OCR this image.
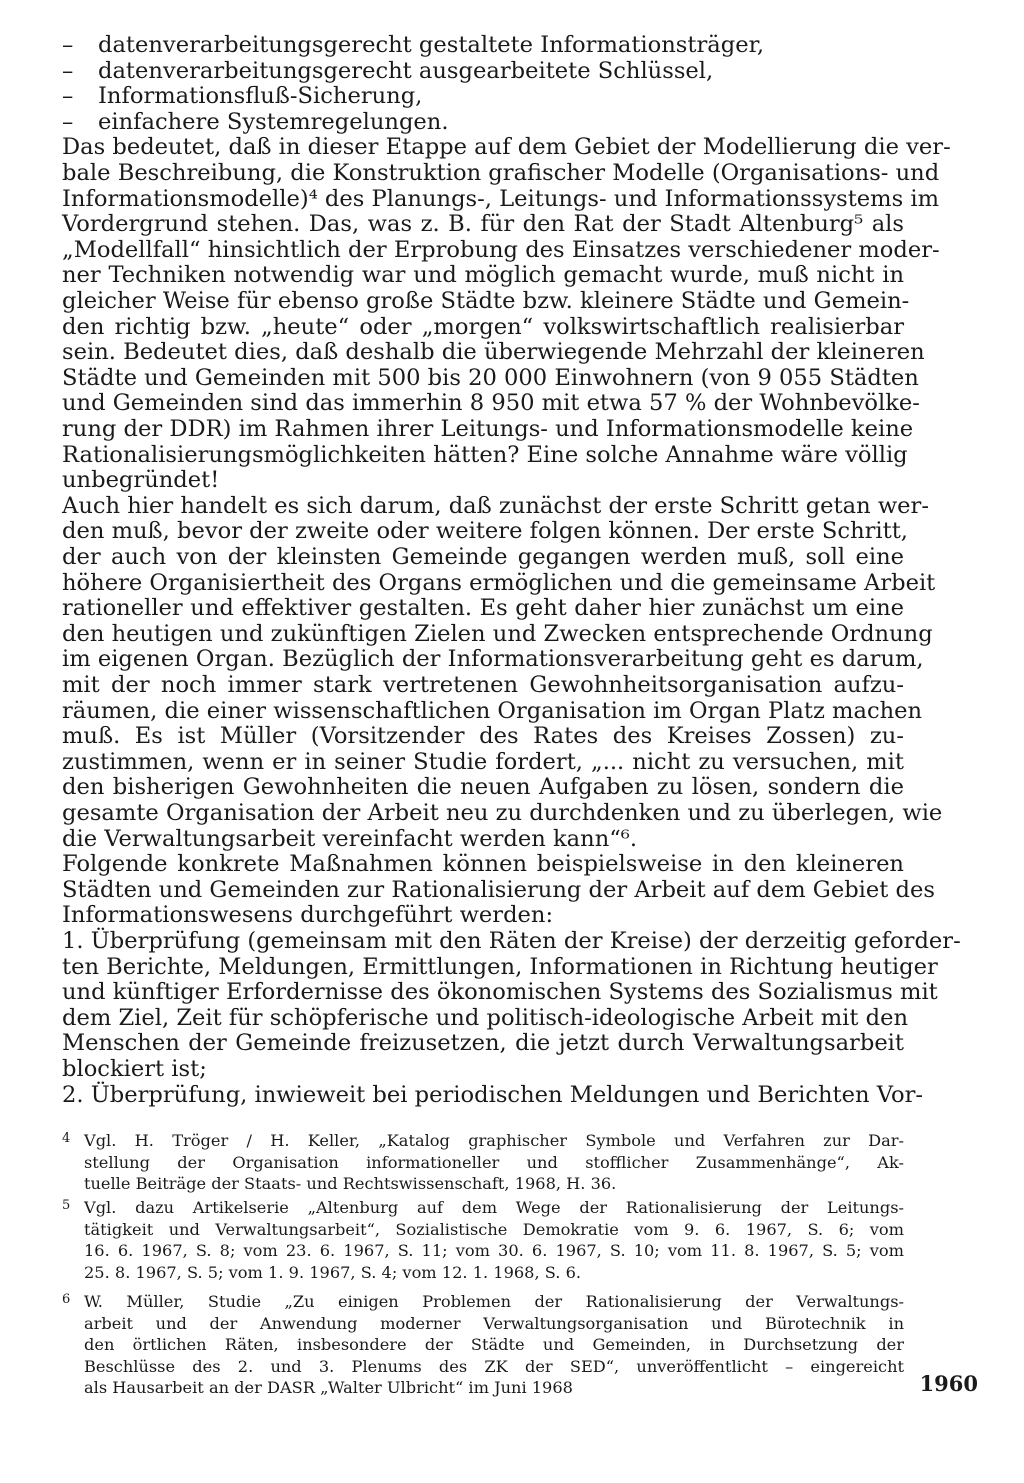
– datenverarbeitungsgerecht gestaltete Informationsträger,
– datenverarbeitungsgerecht ausgearbeitete Schlüssel,
– Informationsfluß-Sicherung,
– einfachere Systemregelungen.
Das bedeutet, daß in dieser Etappe auf dem Gebiet der Modellierung die ver-
bale Beschreibung, die Konstruktion grafischer Modelle (Organisations- und
Informationsmodelle)⁴ des Planungs-, Leitungs- und Informationssystems im
Vordergrund stehen. Das, was z. B. für den Rat der Stadt Altenburg⁵ als
„Modellfall“ hinsichtlich der Erprobung des Einsatzes verschiedener moder-
ner Techniken notwendig war und möglich gemacht wurde, muß nicht in
gleicher Weise für ebenso große Städte bzw. kleinere Städte und Gemein-
den richtig bzw. „heute“ oder „morgen“ volkswirtschaftlich realisierbar
sein. Bedeutet dies, daß deshalb die überwiegende Mehrzahl der kleineren
Städte und Gemeinden mit 500 bis 20 000 Einwohnern (von 9 055 Städten
und Gemeinden sind das immerhin 8 950 mit etwa 57 % der Wohnbevölke-
rung der DDR) im Rahmen ihrer Leitungs- und Informationsmodelle keine
Rationalisierungsmöglichkeiten hätten? Eine solche Annahme wäre völlig
unbegründet!
Auch hier handelt es sich darum, daß zunächst der erste Schritt getan wer-
den muß, bevor der zweite oder weitere folgen können. Der erste Schritt,
der auch von der kleinsten Gemeinde gegangen werden muß, soll eine
höhere Organisiertheit des Organs ermöglichen und die gemeinsame Arbeit
rationeller und effektiver gestalten. Es geht daher hier zunächst um eine
den heutigen und zukünftigen Zielen und Zwecken entsprechende Ordnung
im eigenen Organ. Bezüglich der Informationsverarbeitung geht es darum,
mit der noch immer stark vertretenen Gewohnheitsorganisation aufzu-
räumen, die einer wissenschaftlichen Organisation im Organ Platz machen
muß. Es ist Müller (Vorsitzender des Rates des Kreises Zossen) zu-
zustimmen, wenn er in seiner Studie fordert, „... nicht zu versuchen, mit
den bisherigen Gewohnheiten die neuen Aufgaben zu lösen, sondern die
gesamte Organisation der Arbeit neu zu durchdenken und zu überlegen, wie
die Verwaltungsarbeit vereinfacht werden kann“⁶.
Folgende konkrete Maßnahmen können beispielsweise in den kleineren
Städten und Gemeinden zur Rationalisierung der Arbeit auf dem Gebiet des
Informationswesens durchgeführt werden:
1. Überprüfung (gemeinsam mit den Räten der Kreise) der derzeitig geforder-
ten Berichte, Meldungen, Ermittlungen, Informationen in Richtung heutiger
und künftiger Erfordernisse des ökonomischen Systems des Sozialismus mit
dem Ziel, Zeit für schöpferische und politisch-ideologische Arbeit mit den
Menschen der Gemeinde freizusetzen, die jetzt durch Verwaltungsarbeit
blockiert ist;
2. Überprüfung, inwieweit bei periodischen Meldungen und Berichten Vor-
4 Vgl. H. Tröger / H. Keller, „Katalog graphischer Symbole und Verfahren zur Dar-
stellung der Organisation informationeller und stofflicher Zusammenhänge“, Ak-
tuelle Beiträge der Staats- und Rechtswissenschaft, 1968, H. 36.
5 Vgl. dazu Artikelserie „Altenburg auf dem Wege der Rationalisierung der Leitungs-
tätigkeit und Verwaltungsarbeit“, Sozialistische Demokratie vom 9. 6. 1967, S. 6; vom
16. 6. 1967, S. 8; vom 23. 6. 1967, S. 11; vom 30. 6. 1967, S. 10; vom 11. 8. 1967, S. 5; vom
25. 8. 1967, S. 5; vom 1. 9. 1967, S. 4; vom 12. 1. 1968, S. 6.
6 W. Müller, Studie „Zu einigen Problemen der Rationalisierung der Verwaltungs-
arbeit und der Anwendung moderner Verwaltungsorganisation und Bürotechnik in
den örtlichen Räten, insbesondere der Städte und Gemeinden, in Durchsetzung der
Beschlüsse des 2. und 3. Plenums des ZK der SED“, unveröffentlicht – eingereicht
als Hausarbeit an der DASR „Walter Ulbricht“ im Juni 1968	1960
